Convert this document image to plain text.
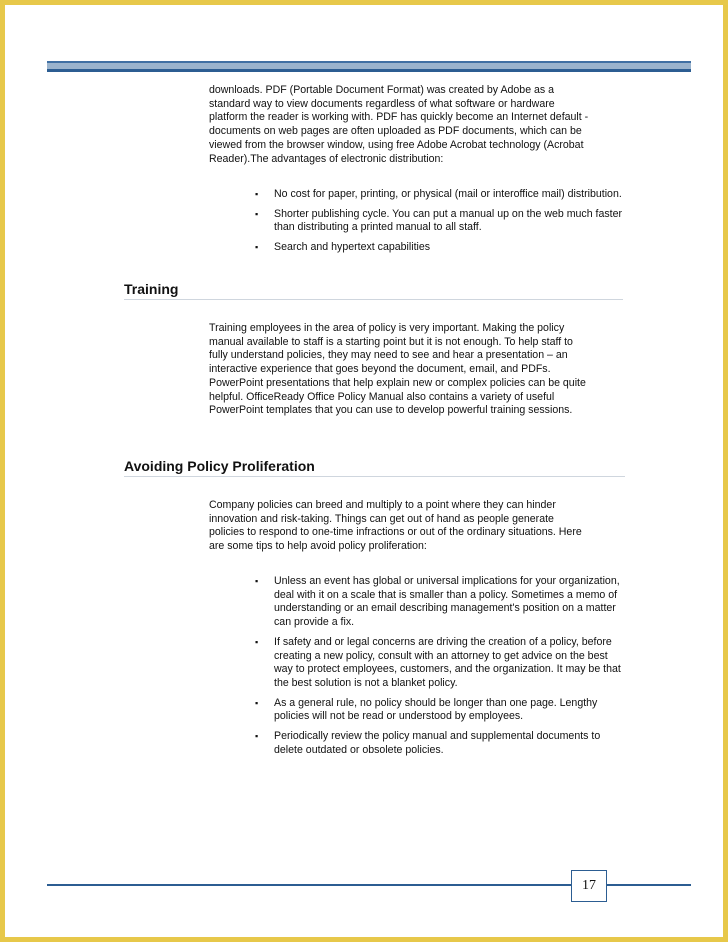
downloads. PDF (Portable Document Format) was created by Adobe as a standard way to view documents regardless of what software or hardware platform the reader is working with. PDF has quickly become an Internet default - documents on web pages are often uploaded as PDF documents, which can be viewed from the browser window, using free Adobe Acrobat technology (Acrobat Reader).The advantages of electronic distribution:

▪ No cost for paper, printing, or physical (mail or interoffice mail) distribution.
▪ Shorter publishing cycle. You can put a manual up on the web much faster than distributing a printed manual to all staff.
▪ Search and hypertext capabilities
Training

Training employees in the area of policy is very important. Making the policy manual available to staff is a starting point but it is not enough. To help staff to fully understand policies, they may need to see and hear a presentation – an interactive experience that goes beyond the document, email, and PDFs. PowerPoint presentations that help explain new or complex policies can be quite helpful. OfficeReady Office Policy Manual also contains a variety of useful PowerPoint templates that you can use to develop powerful training sessions.

Avoiding Policy Proliferation

Company policies can breed and multiply to a point where they can hinder innovation and risk-taking. Things can get out of hand as people generate policies to respond to one-time infractions or out of the ordinary situations. Here are some tips to help avoid policy proliferation:

▪ Unless an event has global or universal implications for your organization, deal with it on a scale that is smaller than a policy. Sometimes a memo of understanding or an email describing management's position on a matter can provide a fix.
▪ If safety and or legal concerns are driving the creation of a policy, before creating a new policy, consult with an attorney to get advice on the best way to protect employees, customers, and the organization. It may be that the best solution is not a blanket policy.
▪ As a general rule, no policy should be longer than one page. Lengthy policies will not be read or understood by employees.
▪ Periodically review the policy manual and supplemental documents to delete outdated or obsolete policies.
17
